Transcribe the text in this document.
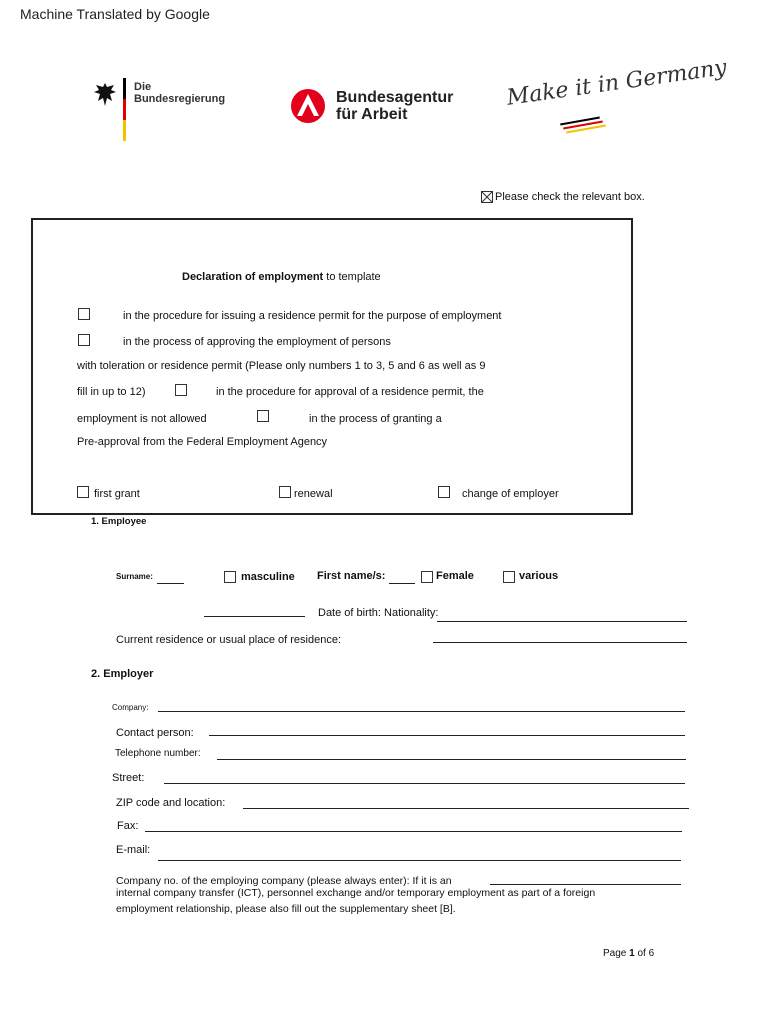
Machine Translated by Google
Die
Bundesregierung	Bundesagentur
für Arbeit
Make it in Germany
Please check the relevant box.
Declaration of employment to template
in the procedure for issuing a residence permit for the purpose of employment
in the process of approving the employment of persons
with toleration or residence permit (Please only numbers 1 to 3, 5 and 6 as well as 9
fill in up to 12)	in the procedure for approval of a residence permit, the
employment is not allowed	in the process of granting a
Pre-approval from the Federal Employment Agency
first grant	renewal	change of employer
1. Employee
Surname:	masculine First name/s:	Female	various
Date of birth: Nationality:
Current residence or usual place of residence:
2. Employer
Company:
Contact person:
Telephone number:
Street:
ZIP code and location:
Fax:
E-mail:
Company no. of the employing company (please always enter): If it is an
internal company transfer (ICT), personnel exchange and/or temporary employment as part of a foreign
employment relationship, please also fill out the supplementary sheet [B].
Page 1 of 6
